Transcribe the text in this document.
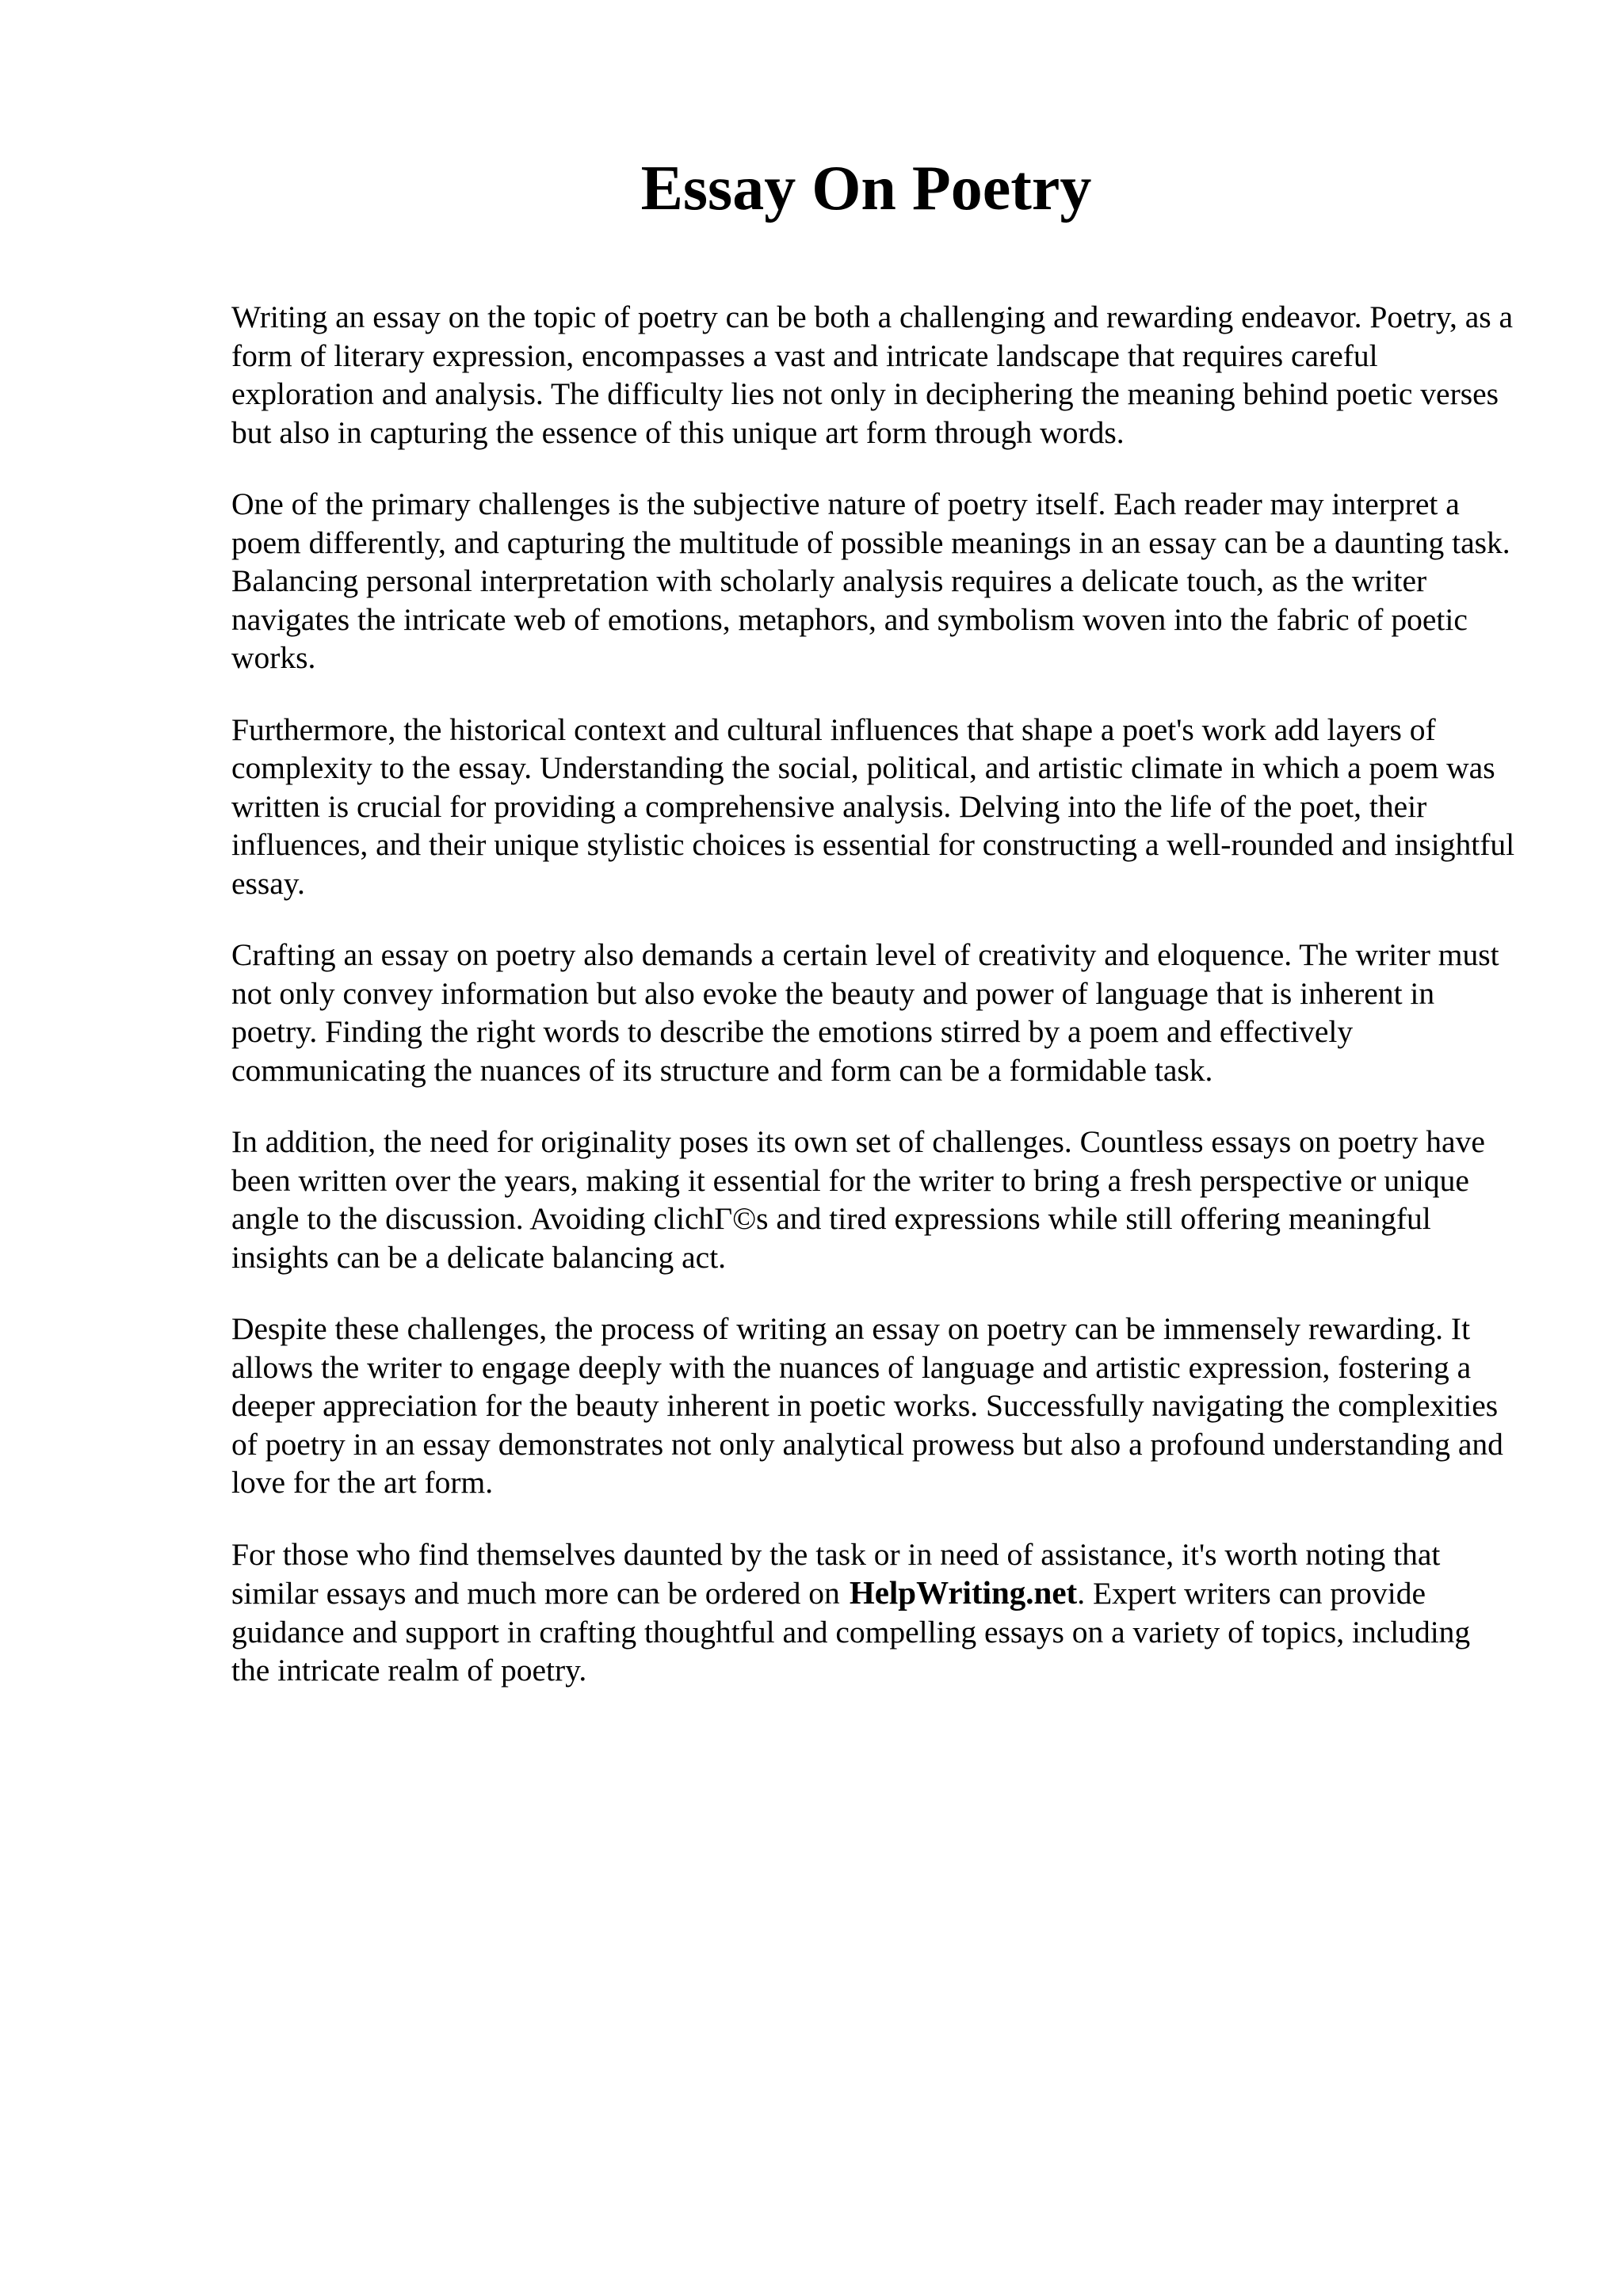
Essay On Poetry

Writing an essay on the topic of poetry can be both a challenging and rewarding endeavor. Poetry, as a form of literary expression, encompasses a vast and intricate landscape that requires careful exploration and analysis. The difficulty lies not only in deciphering the meaning behind poetic verses but also in capturing the essence of this unique art form through words.

One of the primary challenges is the subjective nature of poetry itself. Each reader may interpret a poem differently, and capturing the multitude of possible meanings in an essay can be a daunting task. Balancing personal interpretation with scholarly analysis requires a delicate touch, as the writer navigates the intricate web of emotions, metaphors, and symbolism woven into the fabric of poetic works.

Furthermore, the historical context and cultural influences that shape a poet's work add layers of complexity to the essay. Understanding the social, political, and artistic climate in which a poem was written is crucial for providing a comprehensive analysis. Delving into the life of the poet, their influences, and their unique stylistic choices is essential for constructing a well-rounded and insightful essay.

Crafting an essay on poetry also demands a certain level of creativity and eloquence. The writer must not only convey information but also evoke the beauty and power of language that is inherent in poetry. Finding the right words to describe the emotions stirred by a poem and effectively communicating the nuances of its structure and form can be a formidable task.

In addition, the need for originality poses its own set of challenges. Countless essays on poetry have been written over the years, making it essential for the writer to bring a fresh perspective or unique angle to the discussion. Avoiding clichΓ©s and tired expressions while still offering meaningful insights can be a delicate balancing act.

Despite these challenges, the process of writing an essay on poetry can be immensely rewarding. It allows the writer to engage deeply with the nuances of language and artistic expression, fostering a deeper appreciation for the beauty inherent in poetic works. Successfully navigating the complexities of poetry in an essay demonstrates not only analytical prowess but also a profound understanding and love for the art form.

For those who find themselves daunted by the task or in need of assistance, it's worth noting that similar essays and much more can be ordered on HelpWriting.net. Expert writers can provide guidance and support in crafting thoughtful and compelling essays on a variety of topics, including the intricate realm of poetry.
